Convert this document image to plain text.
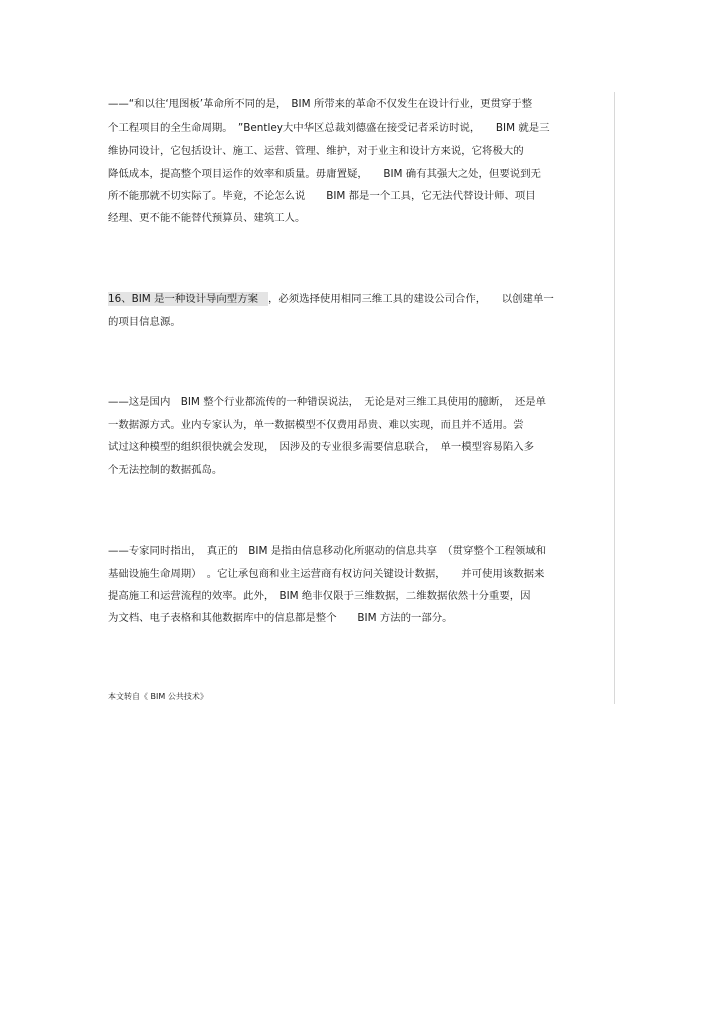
——“和以往‘甩图板’革命所不同的是，　BIM 所带来的革命不仅发生在设计行业，更贯穿于整
个工程项目的全生命周期。　”Bentley大中华区总裁刘德盛在接受记者采访时说，　　BIM 就是三
维协同设计，它包括设计、施工、运营、管理、维护，对于业主和设计方来说，它将极大的
降低成本，提高整个项目运作的效率和质量。毋庸置疑，　　BIM 确有其强大之处，但要说到无
所不能那就不切实际了。毕竟，不论怎么说　　BIM 都是一个工具，它无法代替设计师、项目
经理、更不能不能替代预算员、建筑工人。
16、BIM 是一种设计导向型方案 ，必须选择使用相同三维工具的建设公司合作，　　以创建单一
的项目信息源。
——这是国内　BIM 整个行业都流传的一种错误说法，　无论是对三维工具使用的臆断，　还是单
一数据源方式。业内专家认为，单一数据模型不仅费用昂贵、难以实现，而且并不适用。尝
试过这种模型的组织很快就会发现，　因涉及的专业很多需要信息联合，　单一模型容易陷入多
个无法控制的数据孤岛。
——专家同时指出，　真正的　BIM 是指由信息移动化所驱动的信息共享　（贯穿整个工程领域和
基础设施生命周期）　。它让承包商和业主运营商有权访问关键设计数据，　　并可使用该数据来
提高施工和运营流程的效率。此外，　BIM 绝非仅限于三维数据，二维数据依然十分重要，因
为文档、电子表格和其他数据库中的信息都是整个　　BIM 方法的一部分。
本文转自《 BIM 公共技术》
